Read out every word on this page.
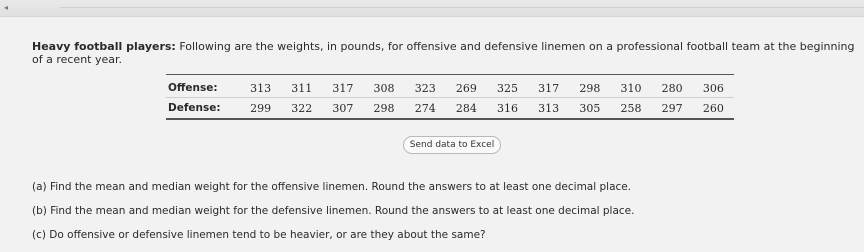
◂
Heavy football players: Following are the weights, in pounds, for offensive and defensive linemen on a professional football team at the beginning of a recent year.
Offense:	313	311	317	308	323	269	325	317	298	310	280	306
Defense:	299	322	307	298	274	284	316	313	305	258	297	260
Send data to Excel
(a) Find the mean and median weight for the offensive linemen. Round the answers to at least one decimal place.
(b) Find the mean and median weight for the defensive linemen. Round the answers to at least one decimal place.
(c) Do offensive or defensive linemen tend to be heavier, or are they about the same?
